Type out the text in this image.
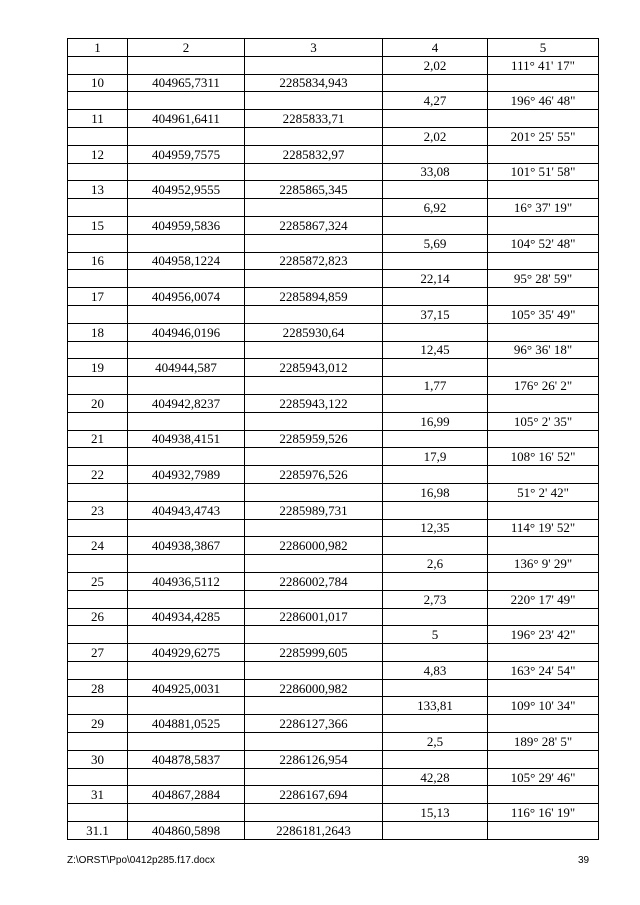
1	2	3	4	5
			2,02	111° 41' 17"
10	404965,7311	2285834,943		
			4,27	196° 46' 48"
11	404961,6411	2285833,71		
			2,02	201° 25' 55"
12	404959,7575	2285832,97		
			33,08	101° 51' 58"
13	404952,9555	2285865,345		
			6,92	16° 37' 19"
15	404959,5836	2285867,324		
			5,69	104° 52' 48"
16	404958,1224	2285872,823		
			22,14	95° 28' 59"
17	404956,0074	2285894,859		
			37,15	105° 35' 49"
18	404946,0196	2285930,64		
			12,45	96° 36' 18"
19	404944,587	2285943,012		
			1,77	176° 26' 2"
20	404942,8237	2285943,122		
			16,99	105° 2' 35"
21	404938,4151	2285959,526		
			17,9	108° 16' 52"
22	404932,7989	2285976,526		
			16,98	51° 2' 42"
23	404943,4743	2285989,731		
			12,35	114° 19' 52"
24	404938,3867	2286000,982		
			2,6	136° 9' 29"
25	404936,5112	2286002,784		
			2,73	220° 17' 49"
26	404934,4285	2286001,017		
			5	196° 23' 42"
27	404929,6275	2285999,605		
			4,83	163° 24' 54"
28	404925,0031	2286000,982		
			133,81	109° 10' 34"
29	404881,0525	2286127,366		
			2,5	189° 28' 5"
30	404878,5837	2286126,954		
			42,28	105° 29' 46"
31	404867,2884	2286167,694		
			15,13	116° 16' 19"
31.1	404860,5898	2286181,2643		
Z:\ORST\Ppo\0412p285.f17.docx	39
